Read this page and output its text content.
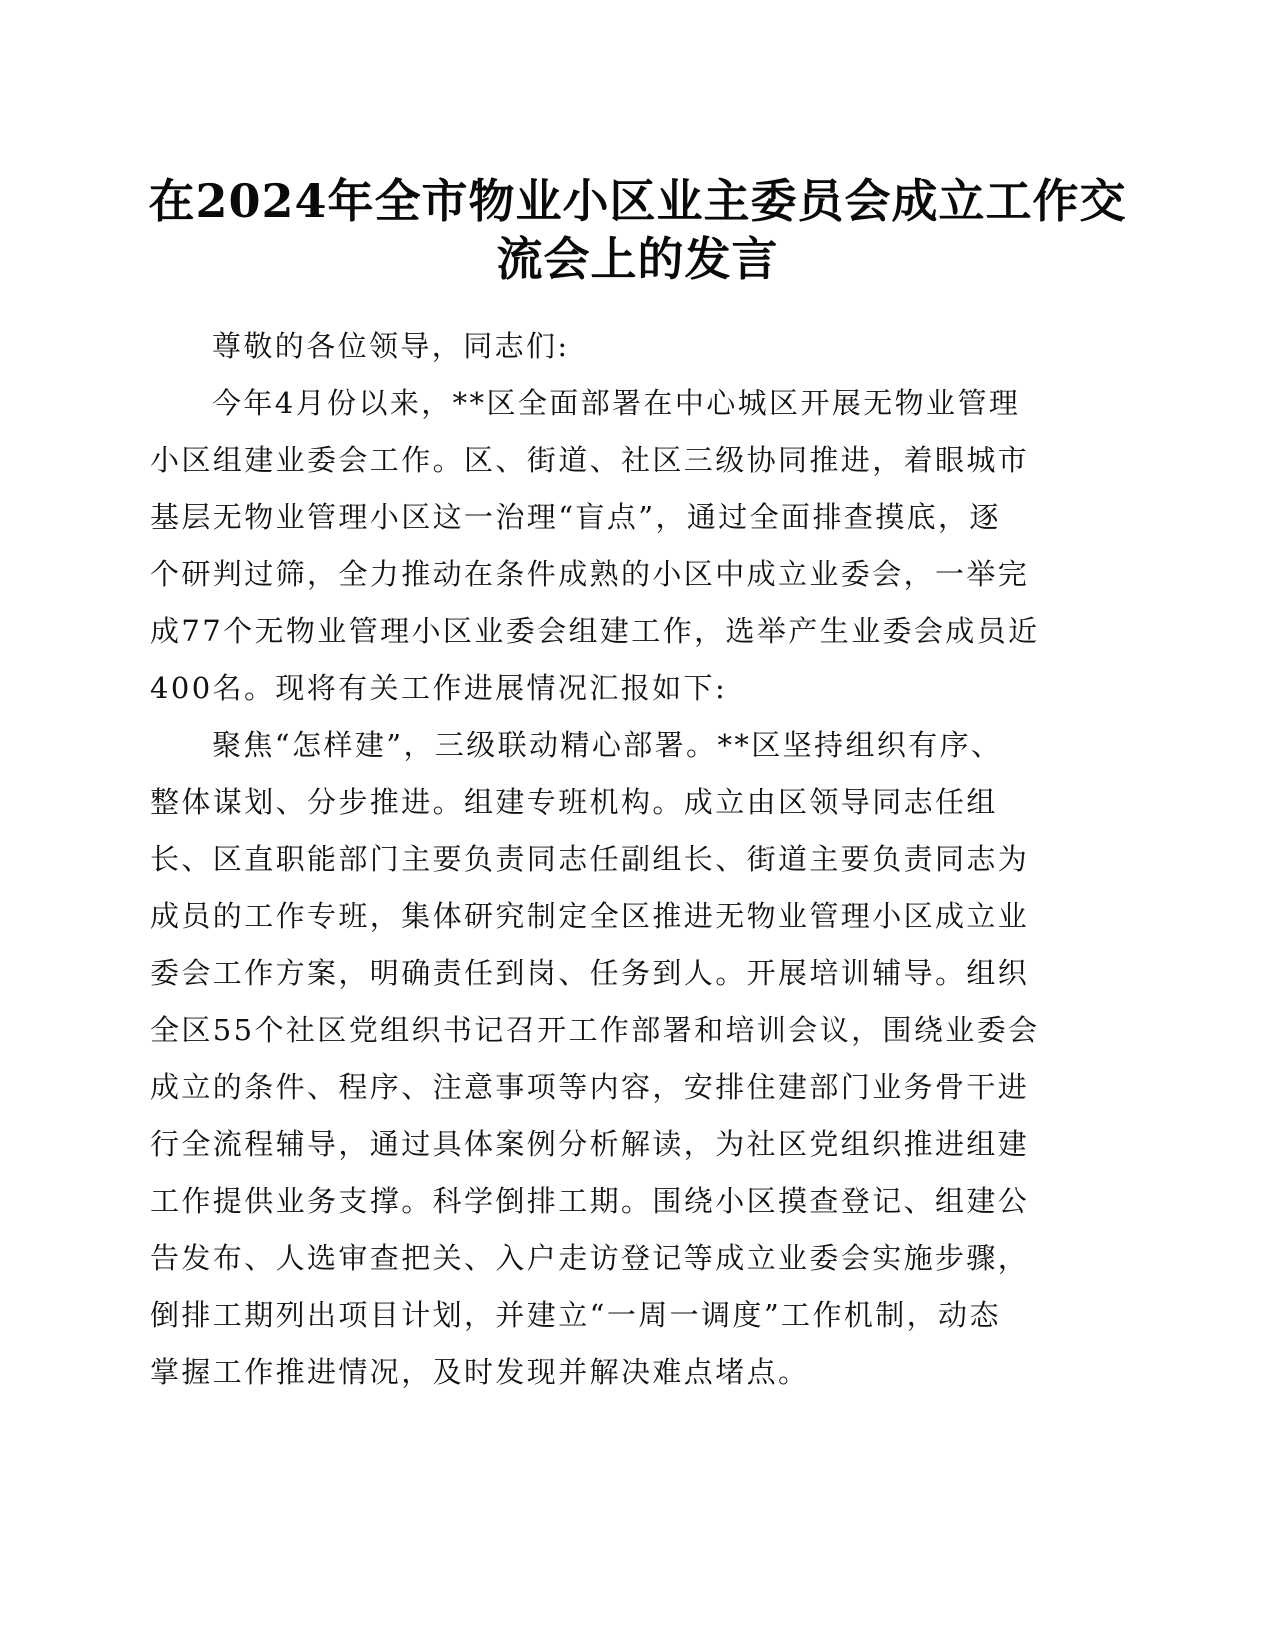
在2024年全市物业小区业主委员会成立工作交
流会上的发言
尊敬的各位领导，同志们:
今年4月份以来，**区全面部署在中心城区开展无物业管理
小区组建业委会工作。区、街道、社区三级协同推进，着眼城市
基层无物业管理小区这一治理“盲点”，通过全面排查摸底，逐
个研判过筛，全力推动在条件成熟的小区中成立业委会，一举完
成77个无物业管理小区业委会组建工作，选举产生业委会成员近
400名。现将有关工作进展情况汇报如下:
聚焦“怎样建”，三级联动精心部署。**区坚持组织有序、
整体谋划、分步推进。组建专班机构。成立由区领导同志任组
长、区直职能部门主要负责同志任副组长、街道主要负责同志为
成员的工作专班，集体研究制定全区推进无物业管理小区成立业
委会工作方案，明确责任到岗、任务到人。开展培训辅导。组织
全区55个社区党组织书记召开工作部署和培训会议，围绕业委会
成立的条件、程序、注意事项等内容，安排住建部门业务骨干进
行全流程辅导，通过具体案例分析解读，为社区党组织推进组建
工作提供业务支撑。科学倒排工期。围绕小区摸查登记、组建公
告发布、人选审查把关、入户走访登记等成立业委会实施步骤，
倒排工期列出项目计划，并建立“一周一调度”工作机制，动态
掌握工作推进情况，及时发现并解决难点堵点。
